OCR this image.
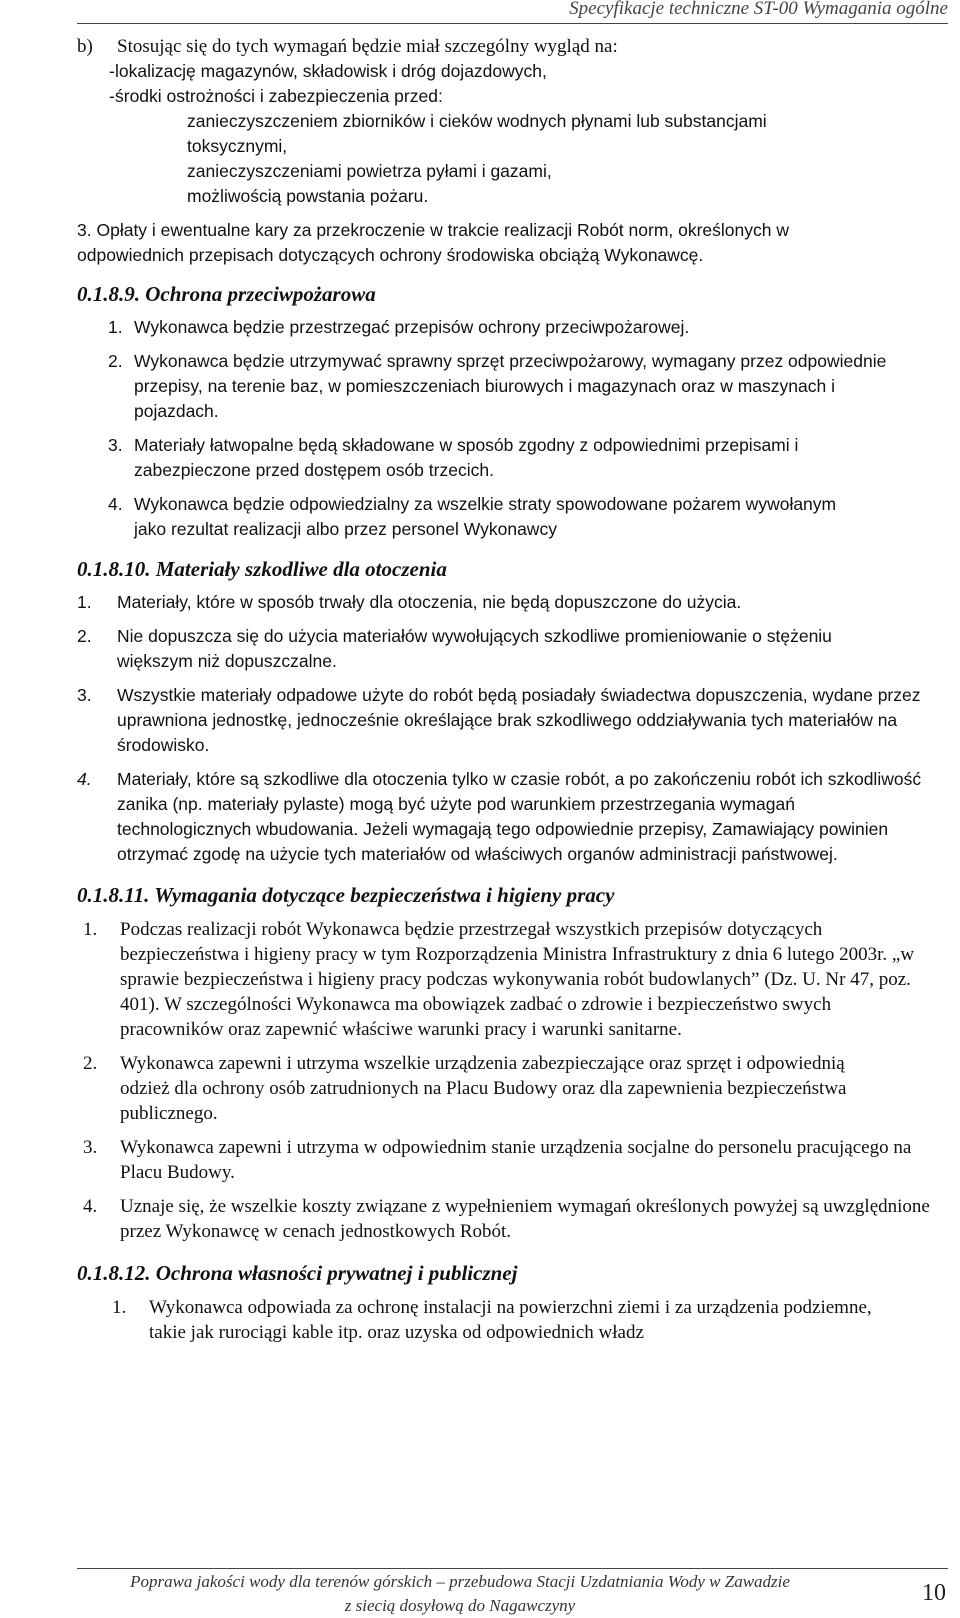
Specyfikacje techniczne ST-00 Wymagania ogólne
b) Stosując się do tych wymagań będzie miał szczególny wygląd na:

- lokalizację magazynów, składowisk i dróg dojazdowych,

- środki ostrożności i zabezpieczenia przed:

zanieczyszczeniem zbiorników i cieków wodnych płynami lub substancjami toksycznymi,

zanieczyszczeniami powietrza pyłami i gazami,

możliwością powstania pożaru.

3. Opłaty i ewentualne kary za przekroczenie w trakcie realizacji Robót norm, określonych w odpowiednich przepisach dotyczących ochrony środowiska obciążą Wykonawcę.

0.1.8.9. Ochrona przeciwpożarowa
1. Wykonawca będzie przestrzegać przepisów ochrony przeciwpożarowej.

2. Wykonawca będzie utrzymywać sprawny sprzęt przeciwpożarowy, wymagany przez odpowiednie przepisy, na terenie baz, w pomieszczeniach biurowych i magazynach oraz w maszynach i pojazdach.

3. Materiały łatwopalne będą składowane w sposób zgodny z odpowiednimi przepisami i zabezpieczone przed dostępem osób trzecich.

4. Wykonawca będzie odpowiedzialny za wszelkie straty spowodowane pożarem wywołanym jako rezultat realizacji albo przez personel Wykonawcy

0.1.8.10. Materiały szkodliwe dla otoczenia
1. Materiały, które w sposób trwały dla otoczenia, nie będą dopuszczone do użycia.

2. Nie dopuszcza się do użycia materiałów wywołujących szkodliwe promieniowanie o stężeniu większym niż dopuszczalne.

3. Wszystkie materiały odpadowe użyte do robót będą posiadały świadectwa dopuszczenia, wydane przez uprawniona jednostkę, jednocześnie określające brak szkodliwego oddziaływania tych materiałów na środowisko.

4. Materiały, które są szkodliwe dla otoczenia tylko w czasie robót, a po zakończeniu robót ich szkodliwość zanika (np. materiały pylaste) mogą być użyte pod warunkiem przestrzegania wymagań technologicznych wbudowania. Jeżeli wymagają tego odpowiednie przepisy, Zamawiający powinien otrzymać zgodę na użycie tych materiałów od właściwych organów administracji państwowej.

0.1.8.11. Wymagania dotyczące bezpieczeństwa i higieny pracy
1. Podczas realizacji robót Wykonawca będzie przestrzegał wszystkich przepisów dotyczących bezpieczeństwa i higieny pracy w tym Rozporządzenia Ministra Infrastruktury z dnia 6 lutego 2003r. „w sprawie bezpieczeństwa i higieny pracy podczas wykonywania robót budowlanych” (Dz. U. Nr 47, poz. 401). W szczególności Wykonawca ma obowiązek zadbać o zdrowie i bezpieczeństwo swych pracowników oraz zapewnić właściwe warunki pracy i warunki sanitarne.

2. Wykonawca zapewni i utrzyma wszelkie urządzenia zabezpieczające oraz sprzęt i odpowiednią odzież dla ochrony osób zatrudnionych na Placu Budowy oraz dla zapewnienia bezpieczeństwa publicznego.

3. Wykonawca zapewni i utrzyma w odpowiednim stanie urządzenia socjalne do personelu pracującego na Placu Budowy.

4. Uznaje się, że wszelkie koszty związane z wypełnieniem wymagań określonych powyżej są uwzględnione przez Wykonawcę w cenach jednostkowych Robót.

0.1.8.12. Ochrona własności prywatnej i publicznej
1. Wykonawca odpowiada za ochronę instalacji na powierzchni ziemi i za urządzenia podziemne, takie jak rurociągi kable itp. oraz uzyska od odpowiednich władz

Poprawa jakości wody dla terenów górskich – przebudowa Stacji Uzdatniania Wody w Zawadzie
z siecią dosyłową do Nagawczyny	10
